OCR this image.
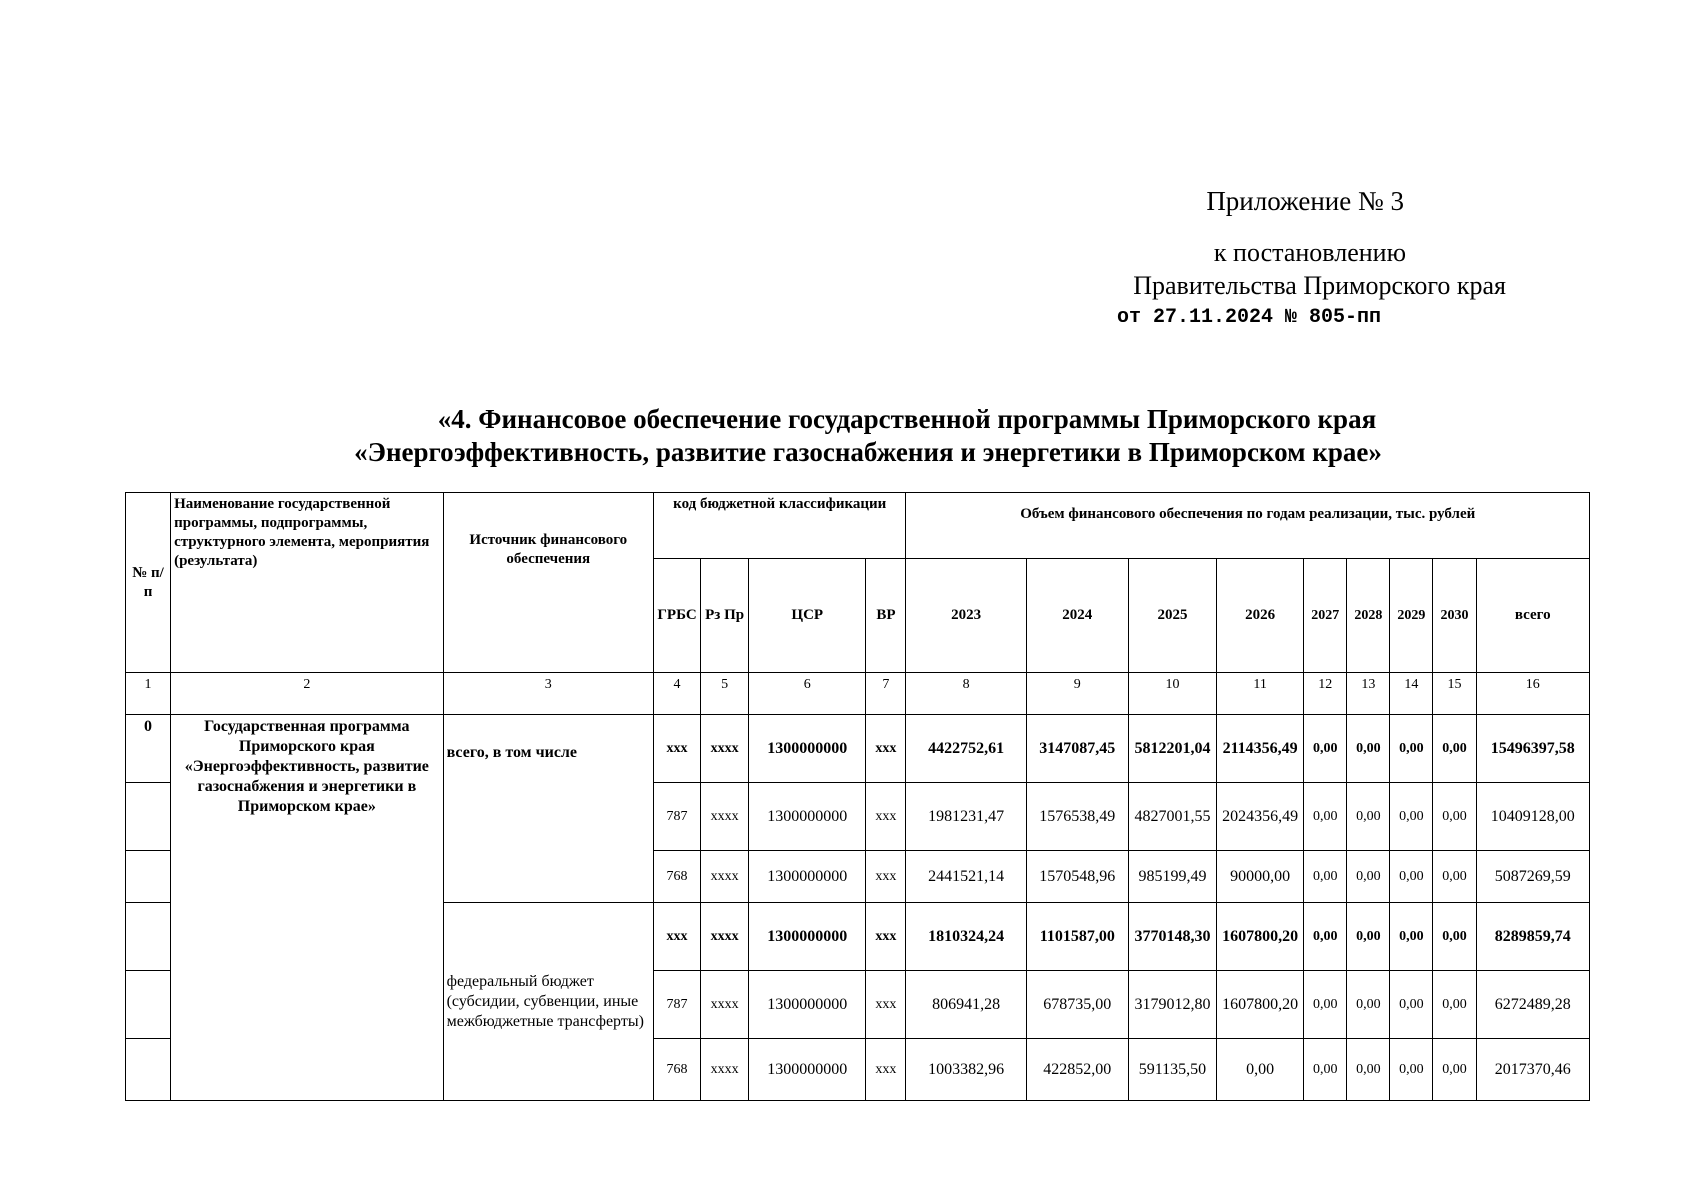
Приложение № 3
к постановлению
Правительства Приморского края
от 27.11.2024 № 805-пп
«4. Финансовое обеспечение государственной программы Приморского края
«Энергоэффективность, развитие газоснабжения и энергетики в Приморском крае»
№ п/п	Наименование государственной программы, подпрограммы, структурного элемента, мероприятия (результата)	Источник финансового обеспечения	код бюджетной классификации				Объем финансового обеспечения по годам реализации, тыс. рублей								
			ГРБС	Рз Пр	ЦСР	ВР	2023	2024	2025	2026	2027	2028	2029	2030	всего
1	2	3	4	5	6	7	8	9	10	11	12	13	14	15	16
0	Государственная программа Приморского края «Энергоэффективность, развитие газоснабжения и энергетики в Приморском крае»	всего, в том числе	ххх	хххх	1300000000	ххх	4422752,61	3147087,45	5812201,04	2114356,49	0,00	0,00	0,00	0,00	15496397,58
			787	хххх	1300000000	ххх	1981231,47	1576538,49	4827001,55	2024356,49	0,00	0,00	0,00	0,00	10409128,00
			768	хххх	1300000000	ххх	2441521,14	1570548,96	985199,49	90000,00	0,00	0,00	0,00	0,00	5087269,59
		федеральный бюджет (субсидии, субвенции, иные межбюджетные трансферты)	ххх	хххх	1300000000	ххх	1810324,24	1101587,00	3770148,30	1607800,20	0,00	0,00	0,00	0,00	8289859,74
			787	хххх	1300000000	ххх	806941,28	678735,00	3179012,80	1607800,20	0,00	0,00	0,00	0,00	6272489,28
			768	хххх	1300000000	ххх	1003382,96	422852,00	591135,50	0,00	0,00	0,00	0,00	0,00	2017370,46
